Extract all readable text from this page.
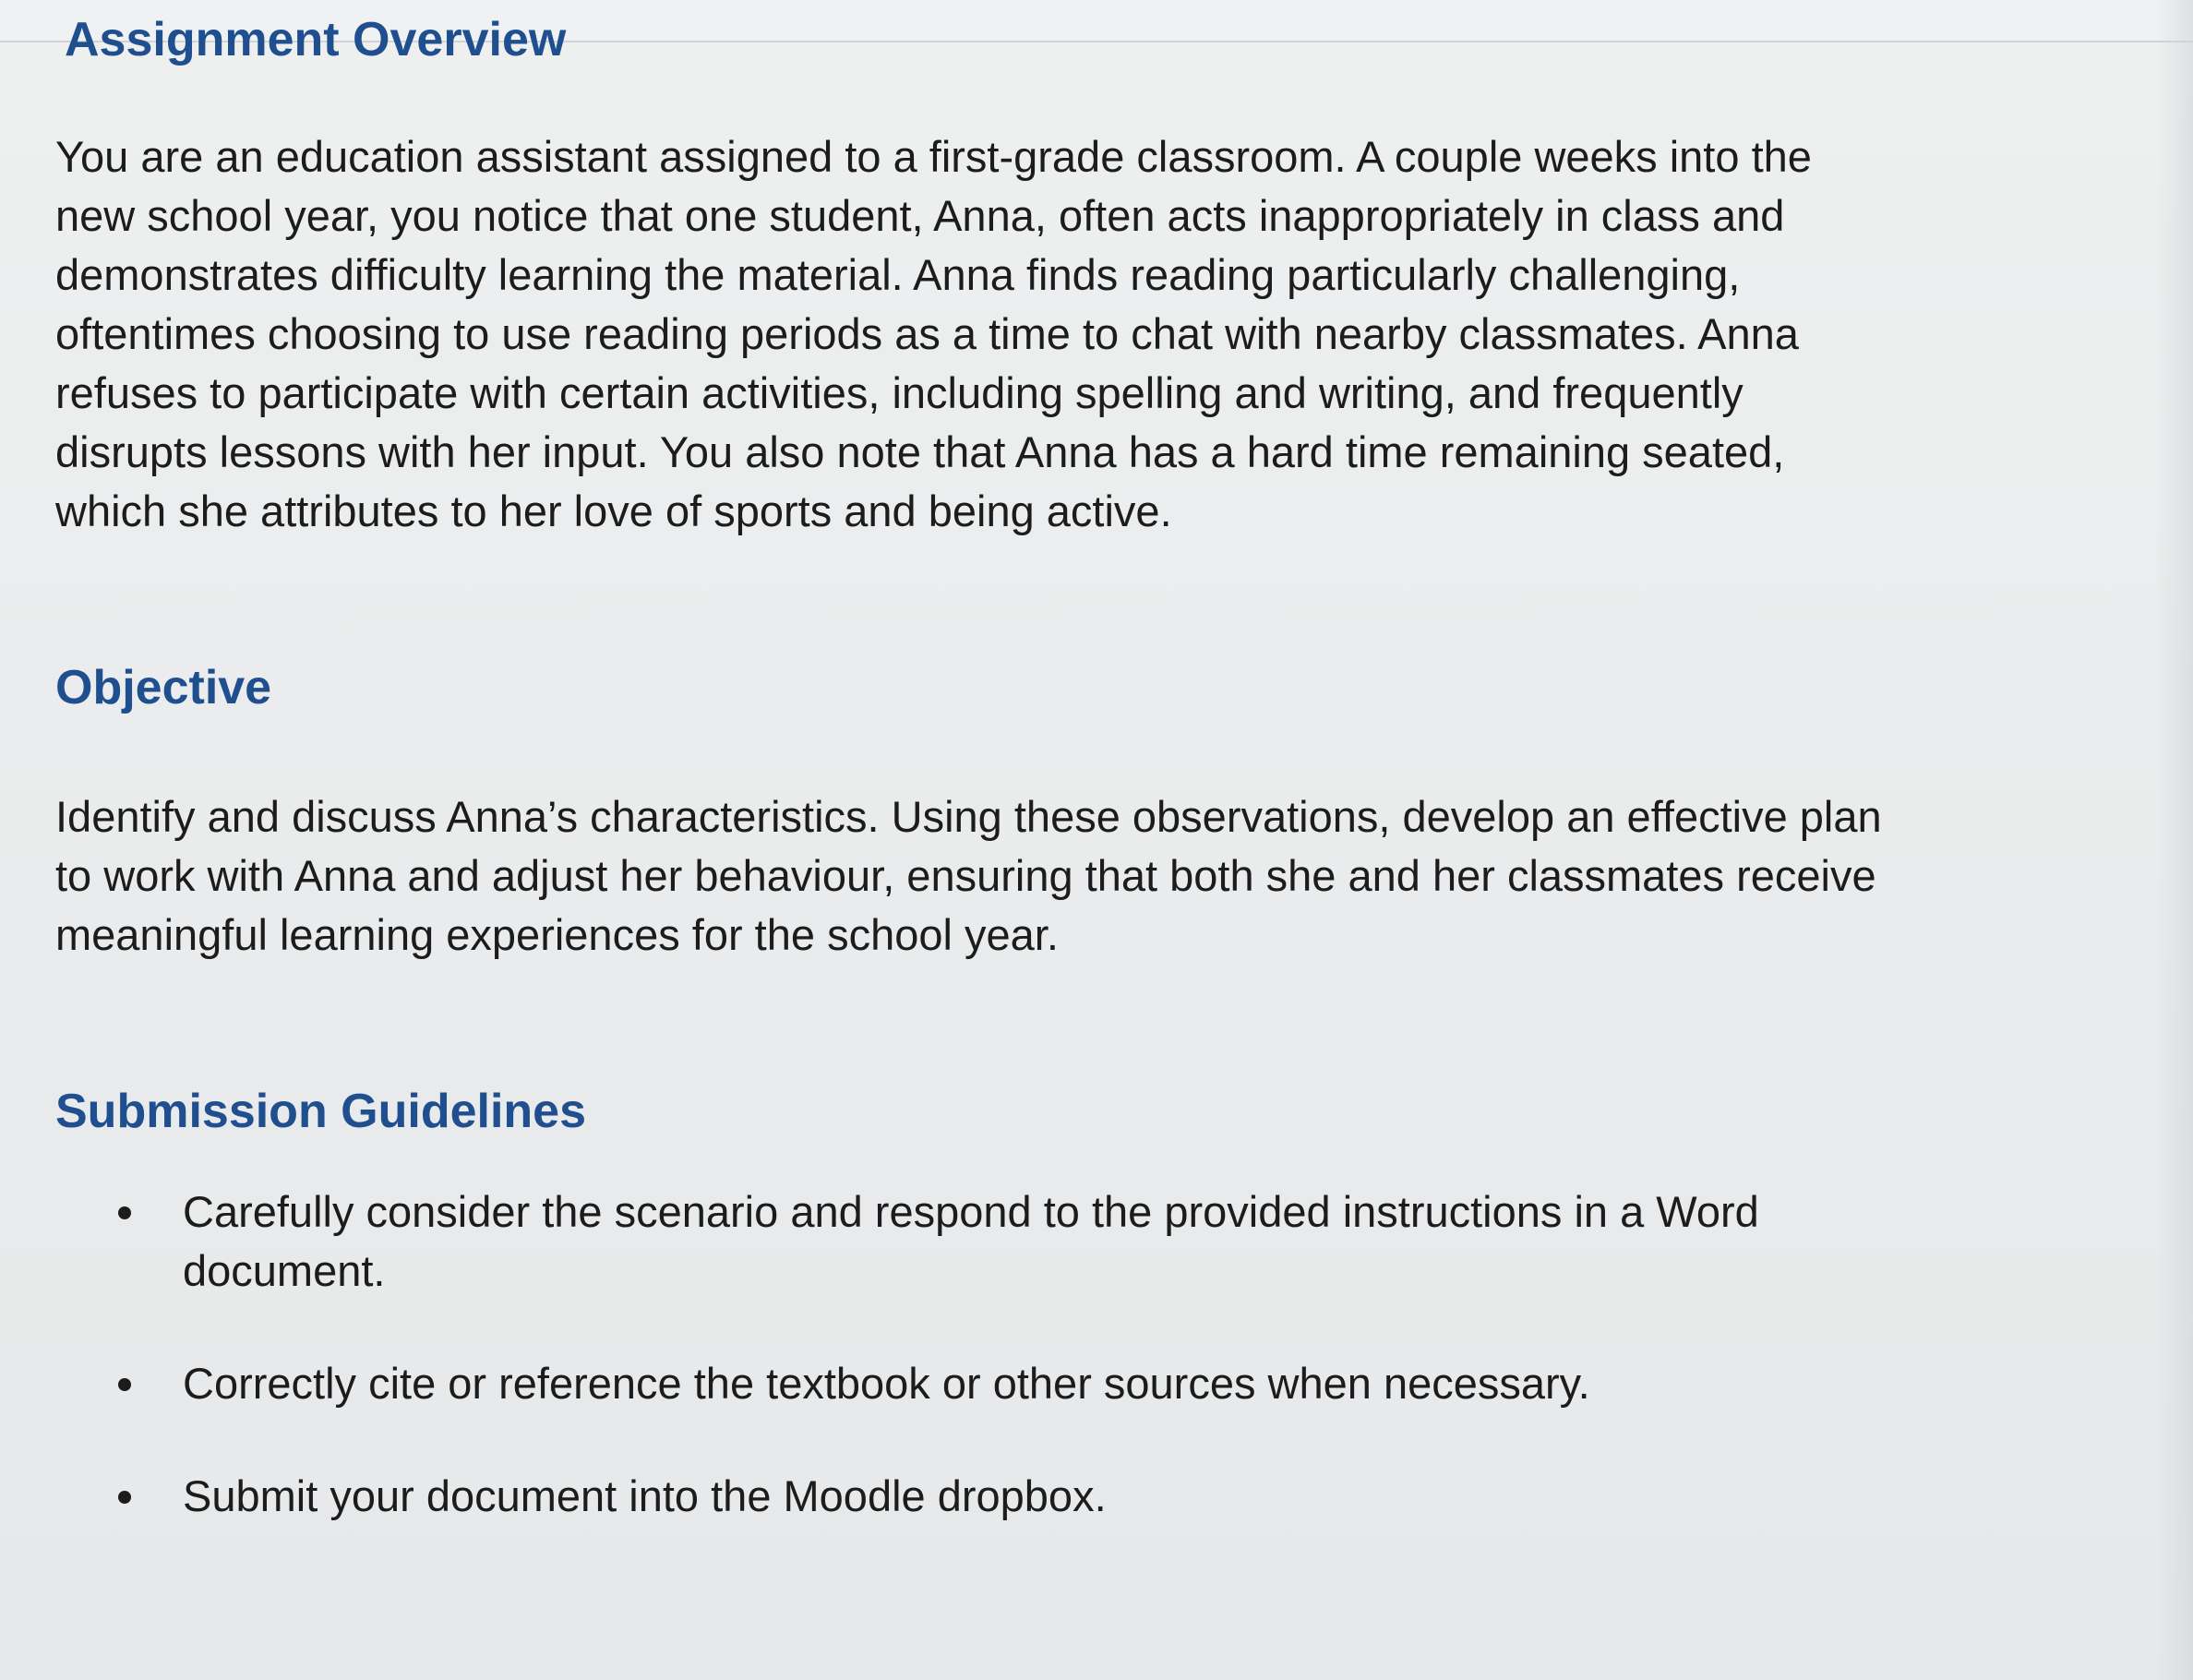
Assignment Overview

You are an education assistant assigned to a first-grade classroom. A couple weeks into the new school year, you notice that one student, Anna, often acts inappropriately in class and demonstrates difficulty learning the material. Anna finds reading particularly challenging, oftentimes choosing to use reading periods as a time to chat with nearby classmates. Anna refuses to participate with certain activities, including spelling and writing, and frequently disrupts lessons with her input. You also note that Anna has a hard time remaining seated, which she attributes to her love of sports and being active.

Objective

Identify and discuss Anna’s characteristics. Using these observations, develop an effective plan to work with Anna and adjust her behaviour, ensuring that both she and her classmates receive meaningful learning experiences for the school year.

Submission Guidelines
Carefully consider the scenario and respond to the provided instructions in a Word document.
Correctly cite or reference the textbook or other sources when necessary.
Submit your document into the Moodle dropbox.
